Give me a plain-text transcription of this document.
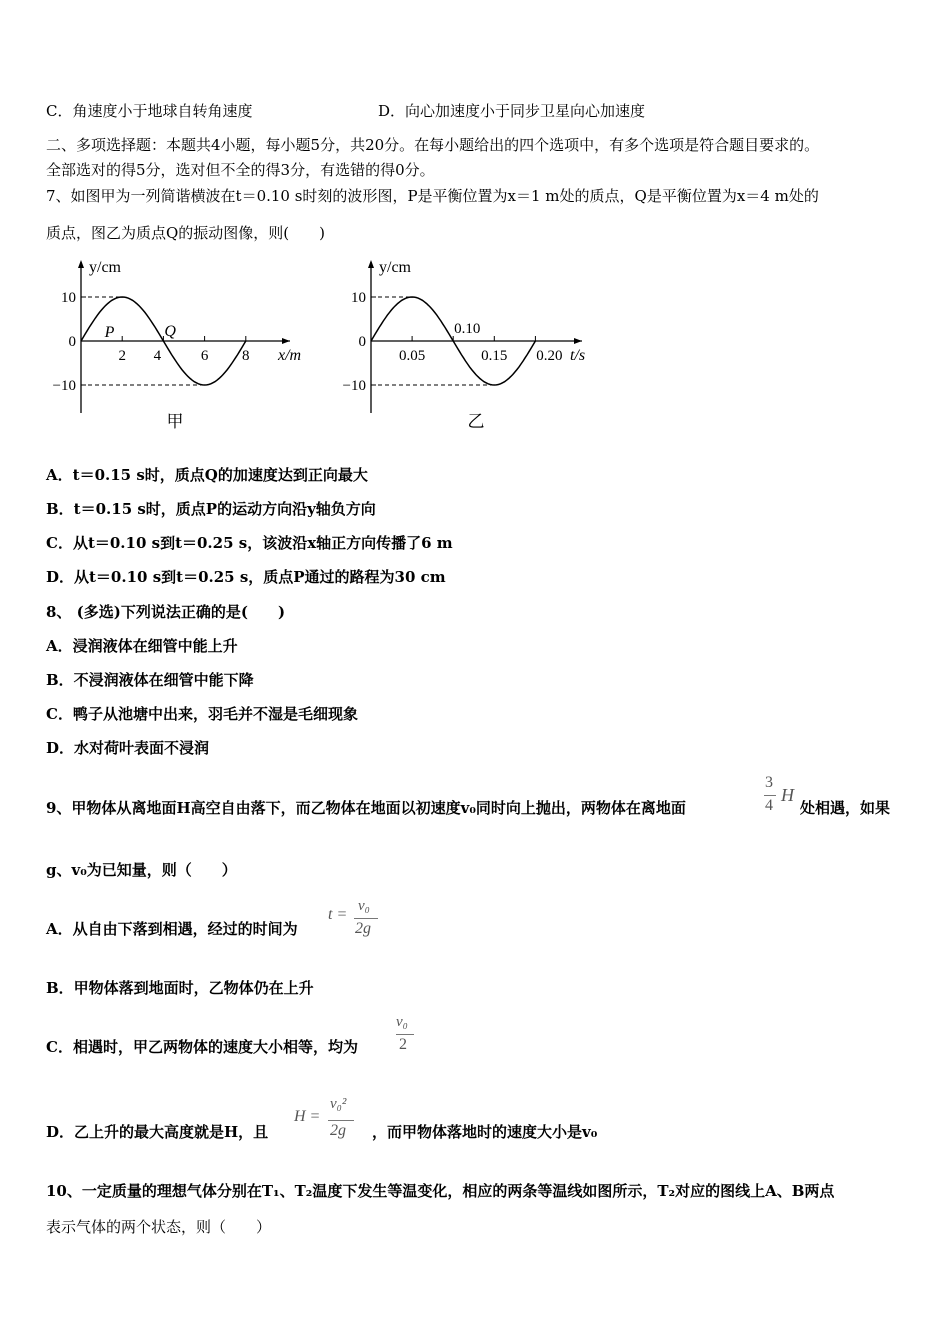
C．角速度小于地球自转角速度	D．向心加速度小于同步卫星向心加速度
二、多项选择题：本题共4小题，每小题5分，共20分。在每小题给出的四个选项中，有多个选项是符合题目要求的。
全部选对的得5分，选对但不全的得3分，有选错的得0分。
7、如图甲为一列简谐横波在t＝0.10 s时刻的波形图，P是平衡位置为x＝1 m处的质点，Q是平衡位置为x＝4 m处的
质点，图乙为质点Q的振动图像，则(　　)
y/cm
x/m
10
0
−10
2 4	6 8
甲
P	Q
y/cm
t/s
10
0
−10
0.05
0.10
0.15 0.20
乙
A．t＝0.15 s时，质点Q的加速度达到正向最大
B．t＝0.15 s时，质点P的运动方向沿y轴负方向
C．从t＝0.10 s到t＝0.25 s，该波沿x轴正方向传播了6 m
D．从t＝0.10 s到t＝0.25 s，质点P通过的路程为30 cm
8、 (多选)下列说法正确的是(　　)
A．浸润液体在细管中能上升
B．不浸润液体在细管中能下降
C．鸭子从池塘中出来，羽毛并不湿是毛细现象
D．水对荷叶表面不浸润
9、甲物体从离地面H高空自由落下，而乙物体在地面以初速度v₀同时向上抛出，两物体在离地面
3
4
H
处相遇，如果
g、v₀为已知量，则（　　）
A．从自由下落到相遇，经过的时间为
t = v₀
2g
B．甲物体落到地面时，乙物体仍在上升
C．相遇时，甲乙两物体的速度大小相等，均为
v₀
2
D．乙上升的最大高度就是H，且
H =
v₀²
2g ，而甲物体落地时的速度大小是v₀
10、一定质量的理想气体分别在T₁、T₂温度下发生等温变化，相应的两条等温线如图所示，T₂对应的图线上A、B两点
表示气体的两个状态，则（　　）
